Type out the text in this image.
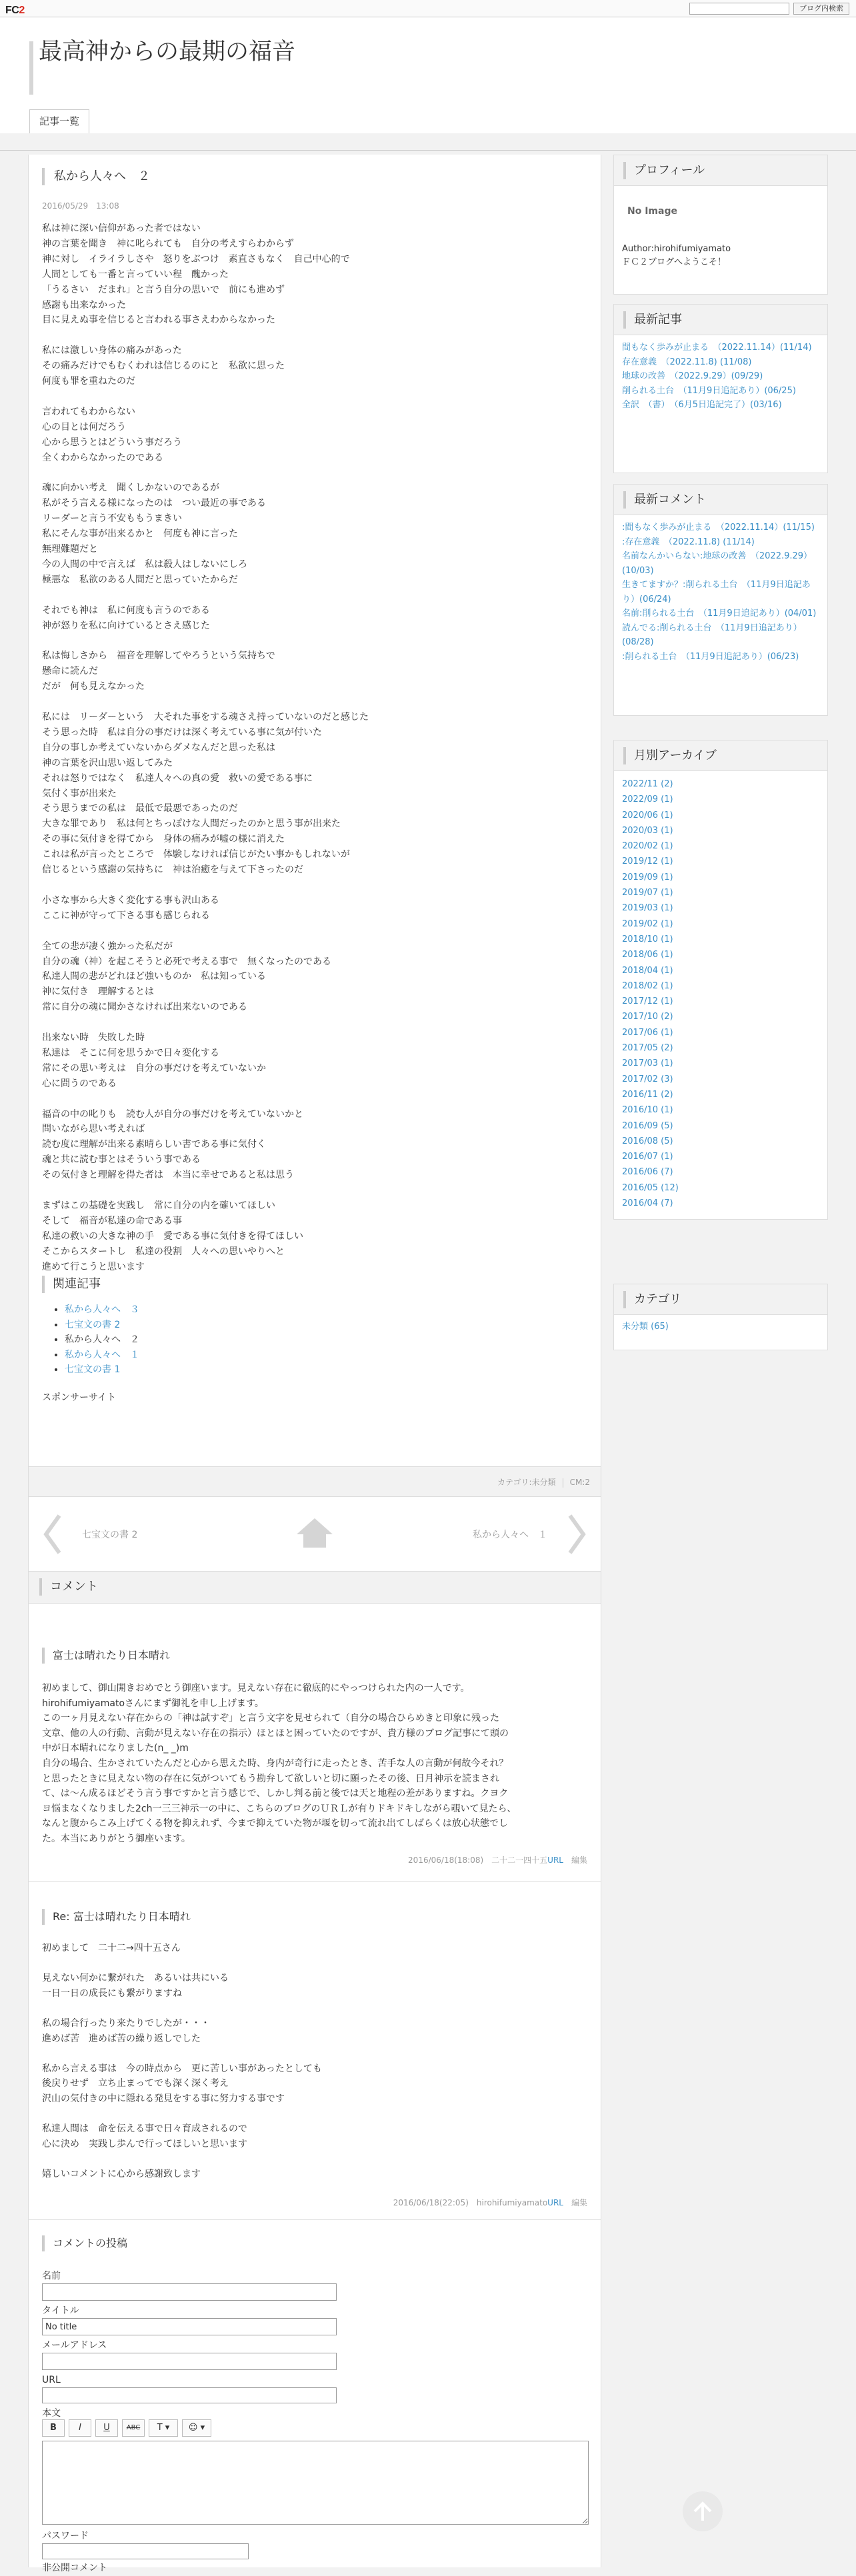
FC2	ブログ内検索
最高神からの最期の福音
記事一覧
私から人々へ　２
2016/05/29　13:08
私は神に深い信仰があった者ではない
神の言葉を聞き　神に叱られても　自分の考えすらわからず
神に対し　イライラしさや　怒りをぶつけ　素直さもなく　自己中心的で
人間としても一番と言っていい程　醜かった
「うるさい　だまれ」と言う自分の思いで　前にも進めず
感謝も出来なかった
目に見えぬ事を信じると言われる事さえわからなかった

私には激しい身体の痛みがあった
その痛みだけでもむくわれは信じるのにと　私欲に思った
何度も罪を重ねたのだ

言われてもわからない
心の目とは何だろう
心から思うとはどういう事だろう
全くわからなかったのである

魂に向かい考え　聞くしかないのであるが
私がそう言える様になったのは　つい最近の事である
リーダーと言う不安ももうまきい
私にそんな事が出来るかと　何度も神に言った
無理難題だと
今の人間の中で言えば　私は殺人はしないにしろ
極悪な　私欲のある人間だと思っていたからだ

それでも神は　私に何度も言うのである
神が怒りを私に向けているとさえ感じた

私は悔しさから　福音を理解してやろうという気持ちで
懸命に読んだ
だが　何も見えなかった

私には　リーダーという　大それた事をする魂さえ持っていないのだと感じた
そう思った時　私は自分の事だけは深く考えている事に気が付いた
自分の事しか考えていないからダメなんだと思った私は
神の言葉を沢山思い返してみた
それは怒りではなく　私達人々への真の愛　救いの愛である事に
気付く事が出来た
そう思うまでの私は　最低で最悪であったのだ
大きな罪であり　私は何とちっぽけな人間だったのかと思う事が出来た
その事に気付きを得てから　身体の痛みが嘘の様に消えた
これは私が言ったところで　体験しなければ信じがたい事かもしれないが
信じるという感謝の気持ちに　神は治癒を与えて下さったのだ

小さな事から大きく変化する事も沢山ある
ここに神が守って下さる事も感じられる

全ての悲が凄く強かった私だが
自分の魂（神）を起こそうと必死で考える事で　無くなったのである
私達人間の悲がどれほど強いものか　私は知っている
神に気付き　理解するとは
常に自分の魂に聞かさなければ出来ないのである

出来ない時　失敗した時
私達は　そこに何を思うかで日々変化する
常にその思い考えは　自分の事だけを考えていないか
心に問うのである

福音の中の叱りも　読む人が自分の事だけを考えていないかと
問いながら思い考えれば
読む度に理解が出来る素晴らしい書である事に気付く
魂と共に読む事とはそういう事である
その気付きと理解を得た者は　本当に幸せであると私は思う

まずはこの基礎を実践し　常に自分の内を確いてほしい
そして　福音が私達の命である事
私達の救いの大きな神の手　愛である事に気付きを得てほしい
そこからスタートし　私達の役割　人々への思いやりへと
進めて行こうと思います
関連記事
• 私から人々へ　３
• 七宝文の書 2
• 私から人々へ　２
• 私から人々へ　１
• 七宝文の書 1
スポンサーサイト
カテゴリ:未分類 CM:2
七宝文の書 2	私から人々へ　１
コメント
富士は晴れたり日本晴れ
初めまして、御山開きおめでとう御座います。見えない存在に徹底的にやっつけられた内の一人です。
hirohifumiyamatoさんにまず御礼を申し上げます。
この一ヶ月見えない存在からの「神は試すぞ」と言う文字を見せられて（自分の場合ひらめきと印象に残った
文章、他の人の行動、言動が見えない存在の指示）ほとほと困っていたのですが、貴方様のブログ記事にて頭の
中が日本晴れになりました(n_ _)m
自分の場合、生かされていたんだと心から思えた時、身内が奇行に走ったとき、苦手な人の言動が何故今それ？
と思ったときに見えない物の存在に気がついてもう勘弁して欲しいと切に願ったその後、日月神示を読まされ
て、は〜ん成るほどそう言う事ですかと言う感じで、しかし判る前と後では天と地程の差がありますね。クヨク
ヨ悩まなくなりました2ch一三三神示一の中に、こちらのブログのＵＲＬが有りドキドキしながら覗いて見たら、
なんと腹からこみ上げてくる物を抑えれず、今まで抑えていた物が堰を切って流れ出てしばらくは放心状態でし
た。本当にありがとう御座います。
2016/06/18(18:08) 二十二一四十五URL 編集
Re: 富士は晴れたり日本晴れ
初めまして　二十二→四十五さん

見えない何かに繋がれた　あるいは共にいる
一日一日の成長にも繋がりますね

私の場合行ったり来たりでしたが・・・
進めば苦　進めば苦の繰り返しでした

私から言える事は　今の時点から　更に苦しい事があったとしても
後戻りせず　立ち止まってでも深く深く考え
沢山の気付きの中に隠れる発見をする事に努力する事です

私達人間は　命を伝える事で日々育成されるので
心に決め　実践し歩んで行ってほしいと思います

嬉しいコメントに心から感謝致します
2016/06/18(22:05) hirohifumiyamatoURL 編集
コメントの投稿
名前
タイトル
No title
メールアドレス
URL
本文
B	I	U	ABC	T ▾	☺ ▾
パスワード
非公開コメント
プロフィール
No Image
Author:hirohifumiyamato
ＦＣ２ブログへようこそ！
最新記事
間もなく歩みが止まる　（2022.11.14）(11/14)
存在意義　（2022.11.8) (11/08)
地球の改善　（2022.9.29）(09/29)
削られる土台　（11月9日追記あり）(06/25)
全訳　（書）　（6月5日追記完了）(03/16)
最新コメント
:間もなく歩みが止まる　（2022.11.14）(11/15)
:存在意義　（2022.11.8) (11/14)
名前なんかいらない:地球の改善　（2022.9.29）(10/03)
生きてますか？:削られる土台　（11月9日追記あり）(06/24)
名前:削られる土台　（11月9日追記あり）(04/01)
読んでる:削られる土台　（11月9日追記あり）(08/28)
:削られる土台　（11月9日追記あり）(06/23)
月別アーカイブ
2022/11 (2)
2022/09 (1)
2020/06 (1)
2020/03 (1)
2020/02 (1)
2019/12 (1)
2019/09 (1)
2019/07 (1)
2019/03 (1)
2019/02 (1)
2018/10 (1)
2018/06 (1)
2018/04 (1)
2018/02 (1)
2017/12 (1)
2017/10 (2)
2017/06 (1)
2017/05 (2)
2017/03 (1)
2017/02 (3)
2016/11 (2)
2016/10 (1)
2016/09 (5)
2016/08 (5)
2016/07 (1)
2016/06 (7)
2016/05 (12)
2016/04 (7)
カテゴリ
未分類 (65)
